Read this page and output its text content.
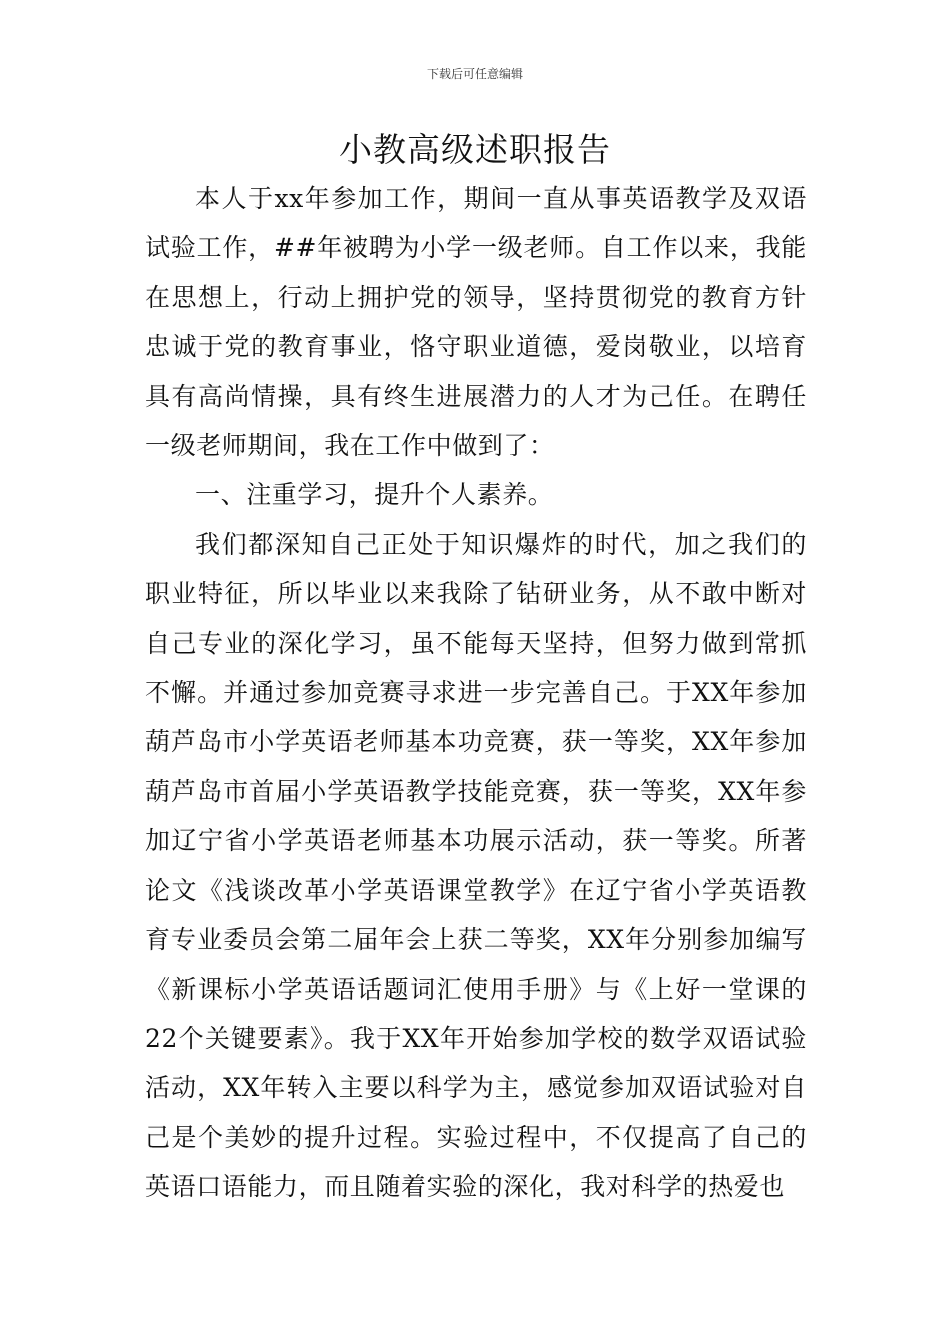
下载后可任意编辑
小教高级述职报告

本人于xx年参加工作，期间一直从事英语教学及双语试验工作，##年被聘为小学一级老师。自工作以来，我能在思想上，行动上拥护党的领导，坚持贯彻党的教育方针忠诚于党的教育事业，恪守职业道德，爱岗敬业，以培育具有高尚情操，具有终生进展潜力的人才为己任。在聘任一级老师期间，我在工作中做到了：

一、注重学习，提升个人素养。

我们都深知自己正处于知识爆炸的时代，加之我们的职业特征，所以毕业以来我除了钻研业务，从不敢中断对自己专业的深化学习，虽不能每天坚持，但努力做到常抓不懈。并通过参加竞赛寻求进一步完善自己。于XX年参加葫芦岛市小学英语老师基本功竞赛，获一等奖，XX年参加葫芦岛市首届小学英语教学技能竞赛，获一等奖，XX年参加辽宁省小学英语老师基本功展示活动，获一等奖。所著论文《浅谈改革小学英语课堂教学》在辽宁省小学英语教育专业委员会第二届年会上获二等奖，XX年分别参加编写《新课标小学英语话题词汇使用手册》与《上好一堂课的22个关键要素》。我于XX年开始参加学校的数学双语试验活动，XX年转入主要以科学为主，感觉参加双语试验对自己是个美妙的提升过程。实验过程中，不仅提高了自己的英语口语能力，而且随着实验的深化，我对科学的热爱也
